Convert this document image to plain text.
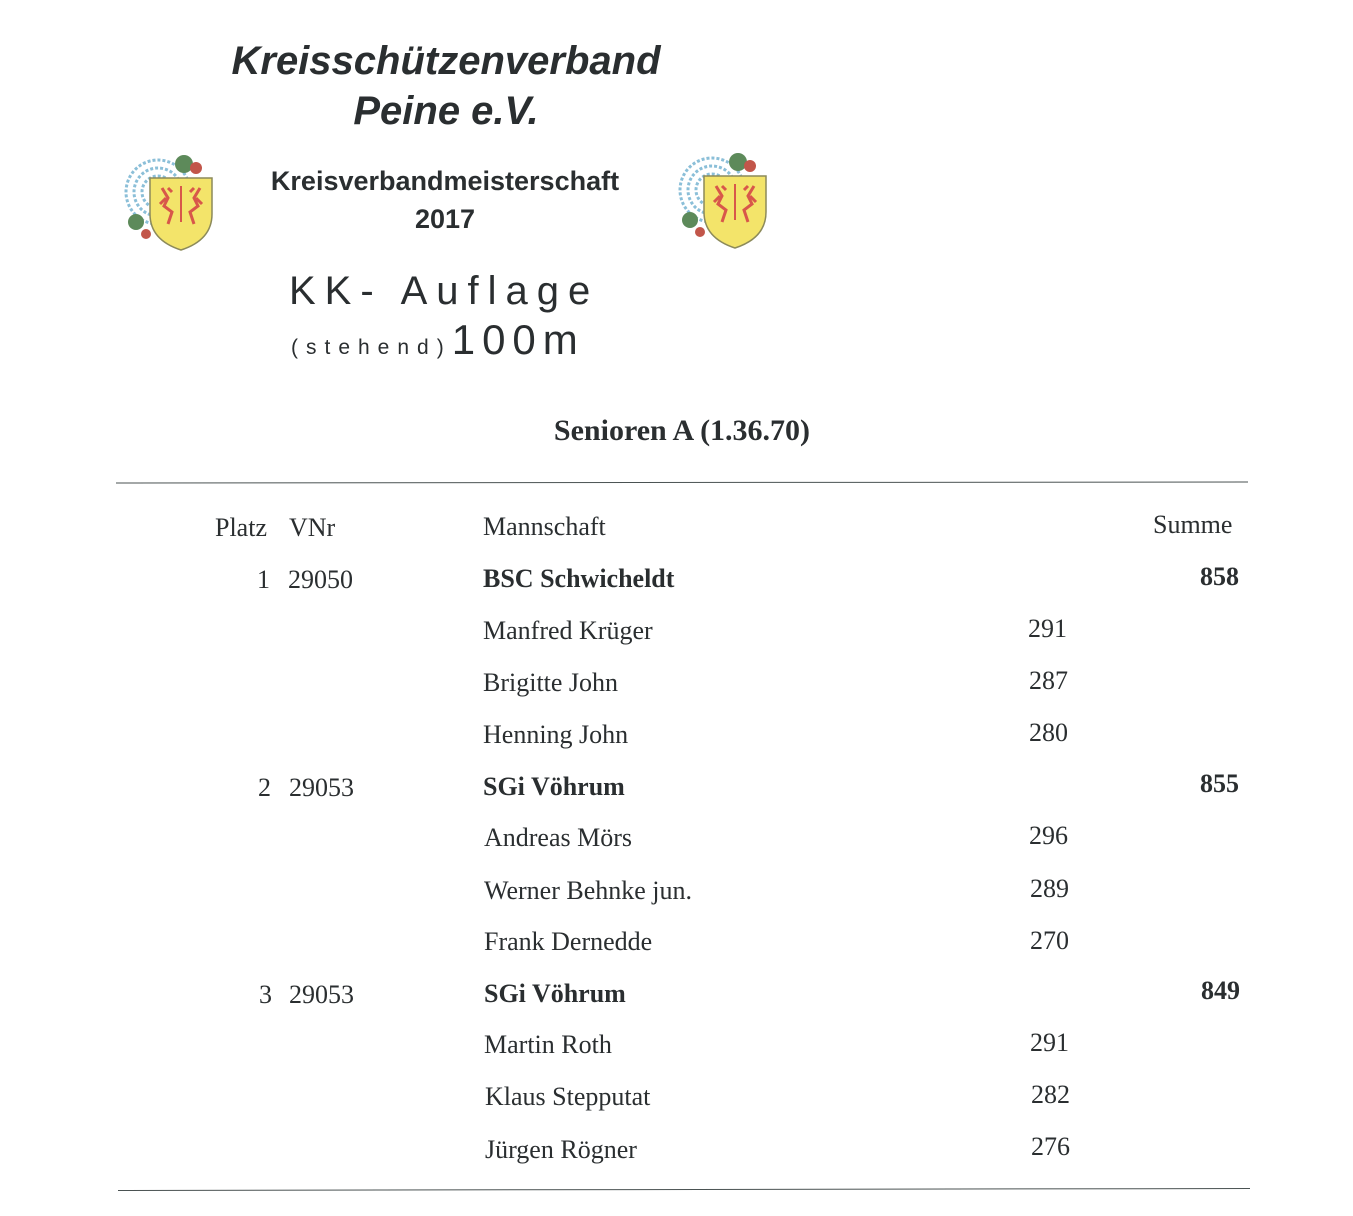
Kreisschützenverband
Peine e.V.
Kreisverbandmeisterschaft
2017
KK- Auflage
(stehend)100m
Senioren A (1.36.70)
Platz VNr	Mannschaft	Summe
1 29050	BSC Schwicheldt	858
Manfred Krüger	291
Brigitte John	287
Henning John	280
2 29053	SGi Vöhrum	855
Andreas Mörs	296
Werner Behnke jun.	289
Frank Dernedde	270
3 29053	SGi Vöhrum	849
Martin Roth	291
Klaus Stepputat	282
Jürgen Rögner	276
